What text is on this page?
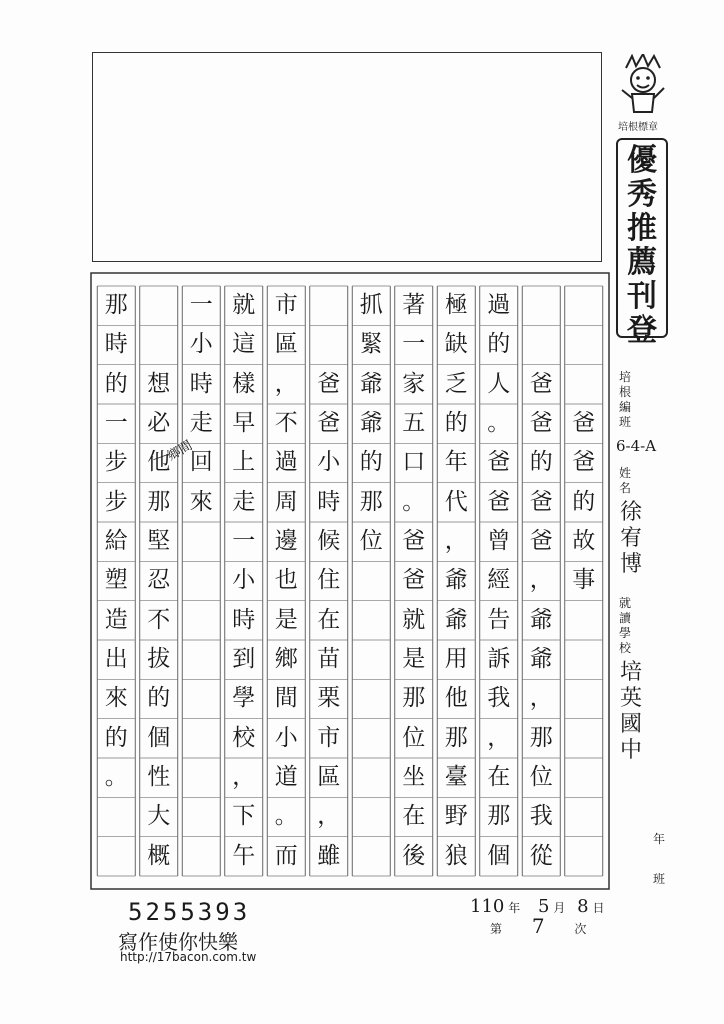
培根標章
優
秀
推
薦
刊
登
培
根
編
班
6-4-A
姓
名
徐
宥
博
就
讀
學
校
培
英
國
中
年
班
爸
爸
的
故
事
爸
爸
的
爸
爸
，
爺
爺
，
那
位
我
從
過
的
人
。
爸
爸
曾
經
告
訴
我
，
在
那
個
極
缺
乏
的
年
代
，
爺
爺
用
他
那
臺
野
狼
著
一
家
五
口
。
爸
爸
就
是
那
位
坐
在
後
抓
緊
爺
爺
的
那
位
爸
爸
小
時
候
住
在
苗
栗
市
區
，
雖
市
區
，
不
過
周
邊
也
是
鄉
間
小
道
。
而
就
這
樣
早
上
走
一
小
時
到
學
校
，
下
午
一
小
時
走
回
來
想
必
他
那
堅
忍
不
拔
的
個
性
大
概
那
時
的
一
步
步
給
塑
造
出
來
的
。
鄉間
5255393
寫作使你快樂
http://17bacon.com.tw
110 年 5 月 8 日
第 7 次
